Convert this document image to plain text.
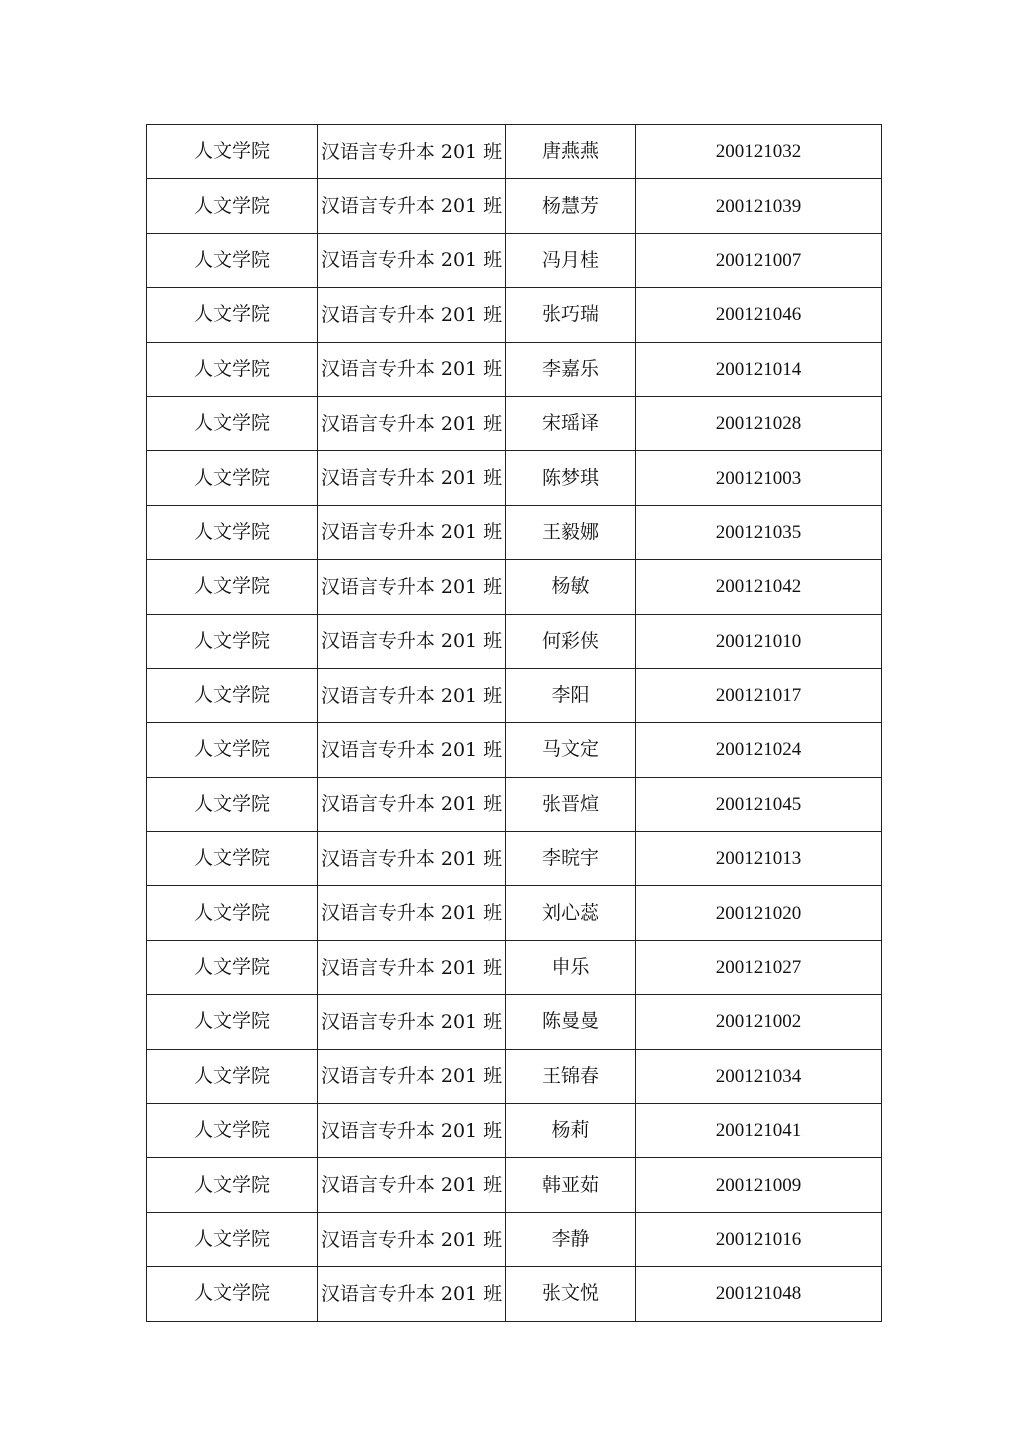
人文学院	汉语言专升本 201 班	唐燕燕	200121032
人文学院	汉语言专升本 201 班	杨慧芳	200121039
人文学院	汉语言专升本 201 班	冯月桂	200121007
人文学院	汉语言专升本 201 班	张巧瑞	200121046
人文学院	汉语言专升本 201 班	李嘉乐	200121014
人文学院	汉语言专升本 201 班	宋瑶译	200121028
人文学院	汉语言专升本 201 班	陈梦琪	200121003
人文学院	汉语言专升本 201 班	王毅娜	200121035
人文学院	汉语言专升本 201 班	杨敏	200121042
人文学院	汉语言专升本 201 班	何彩侠	200121010
人文学院	汉语言专升本 201 班	李阳	200121017
人文学院	汉语言专升本 201 班	马文定	200121024
人文学院	汉语言专升本 201 班	张晋煊	200121045
人文学院	汉语言专升本 201 班	李晥宇	200121013
人文学院	汉语言专升本 201 班	刘心蕊	200121020
人文学院	汉语言专升本 201 班	申乐	200121027
人文学院	汉语言专升本 201 班	陈曼曼	200121002
人文学院	汉语言专升本 201 班	王锦春	200121034
人文学院	汉语言专升本 201 班	杨莉	200121041
人文学院	汉语言专升本 201 班	韩亚茹	200121009
人文学院	汉语言专升本 201 班	李静	200121016
人文学院	汉语言专升本 201 班	张文悦	200121048
